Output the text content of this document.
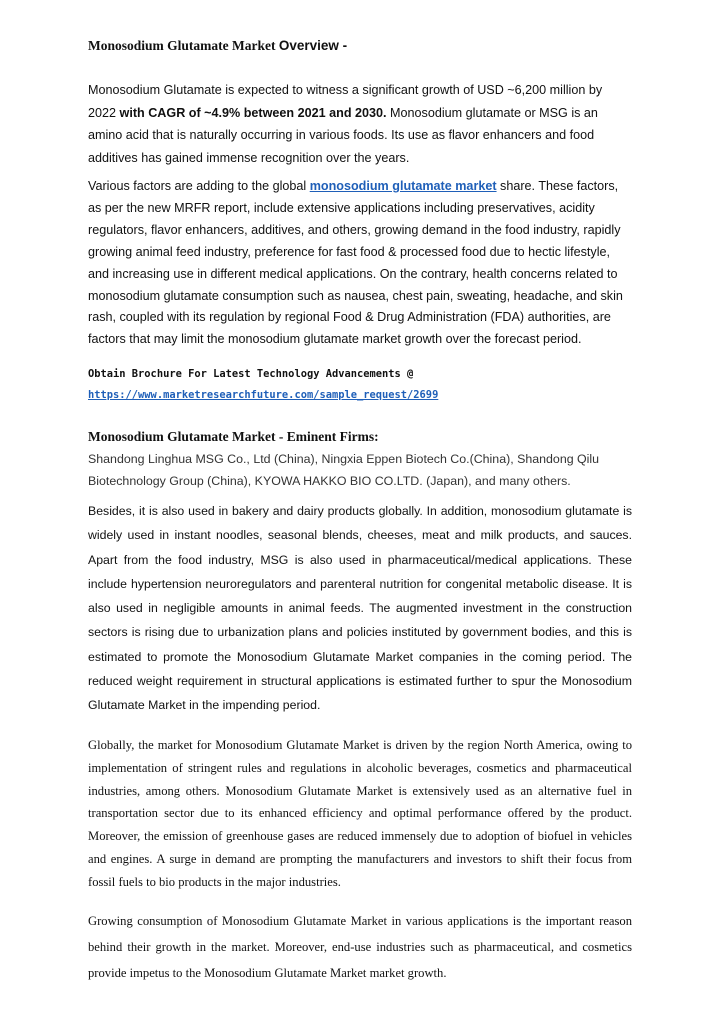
Monosodium Glutamate Market Overview -

Monosodium Glutamate is expected to witness a significant growth of USD ~6,200 million by 2022 with CAGR of ~4.9% between 2021 and 2030. Monosodium glutamate or MSG is an amino acid that is naturally occurring in various foods. Its use as flavor enhancers and food additives has gained immense recognition over the years.

Various factors are adding to the global monosodium glutamate market share. These factors, as per the new MRFR report, include extensive applications including preservatives, acidity regulators, flavor enhancers, additives, and others, growing demand in the food industry, rapidly growing animal feed industry, preference for fast food & processed food due to hectic lifestyle, and increasing use in different medical applications. On the contrary, health concerns related to monosodium glutamate consumption such as nausea, chest pain, sweating, headache, and skin rash, coupled with its regulation by regional Food & Drug Administration (FDA) authorities, are factors that may limit the monosodium glutamate market growth over the forecast period.

Obtain Brochure For Latest Technology Advancements @
https://www.marketresearchfuture.com/sample_request/2699
Monosodium Glutamate Market - Eminent Firms:
Shandong Linghua MSG Co., Ltd (China), Ningxia Eppen Biotech Co.(China), Shandong Qilu Biotechnology Group (China), KYOWA HAKKO BIO CO.LTD. (Japan), and many others.

Besides, it is also used in bakery and dairy products globally. In addition, monosodium glutamate is widely used in instant noodles, seasonal blends, cheeses, meat and milk products, and sauces. Apart from the food industry, MSG is also used in pharmaceutical/medical applications. These include hypertension neuroregulators and parenteral nutrition for congenital metabolic disease. It is also used in negligible amounts in animal feeds. The augmented investment in the construction sectors is rising due to urbanization plans and policies instituted by government bodies, and this is estimated to promote the Monosodium Glutamate Market companies in the coming period. The reduced weight requirement in structural applications is estimated further to spur the Monosodium Glutamate Market in the impending period.

Globally, the market for Monosodium Glutamate Market is driven by the region North America, owing to implementation of stringent rules and regulations in alcoholic beverages, cosmetics and pharmaceutical industries, among others. Monosodium Glutamate Market is extensively used as an alternative fuel in transportation sector due to its enhanced efficiency and optimal performance offered by the product. Moreover, the emission of greenhouse gases are reduced immensely due to adoption of biofuel in vehicles and engines. A surge in demand are prompting the manufacturers and investors to shift their focus from fossil fuels to bio products in the major industries.

Growing consumption of Monosodium Glutamate Market in various applications is the important reason behind their growth in the market. Moreover, end-use industries such as pharmaceutical, and cosmetics provide impetus to the Monosodium Glutamate Market market growth.
